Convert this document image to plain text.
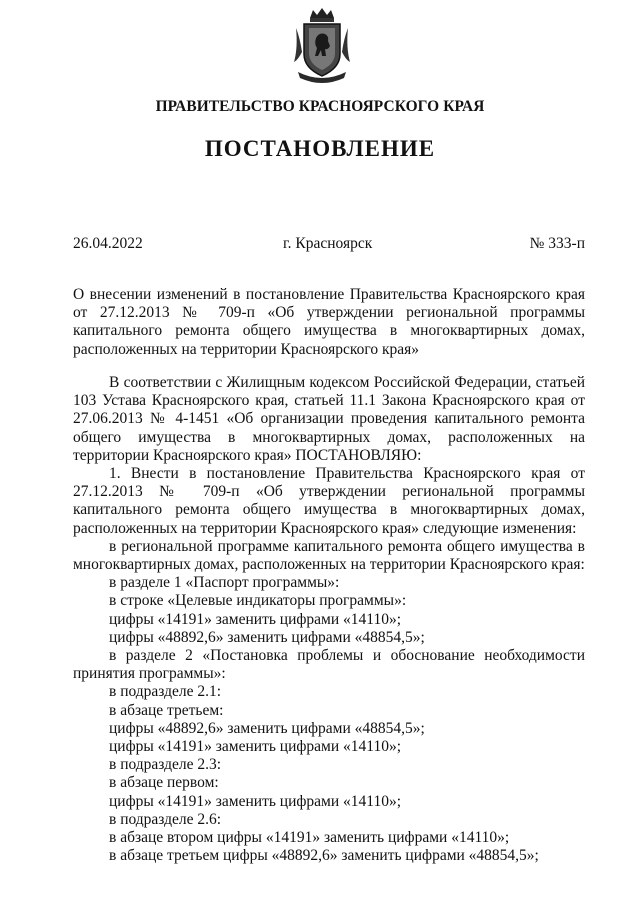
ПРАВИТЕЛЬСТВО КРАСНОЯРСКОГО КРАЯ
ПОСТАНОВЛЕНИЕ
26.04.2022	г. Красноярск	№ 333-п

О внесении изменений в постановление Правительства Красноярского края от 27.12.2013 № 709-п «Об утверждении региональной программы капитального ремонта общего имущества в многоквартирных домах, расположенных на территории Красноярского края»

В соответствии с Жилищным кодексом Российской Федерации, статьей 103 Устава Красноярского края, статьей 11.1 Закона Красноярского края от 27.06.2013 № 4-1451 «Об организации проведения капитального ремонта общего имущества в многоквартирных домах, расположенных на территории Красноярского края» ПОСТАНОВЛЯЮ:

1. Внести в постановление Правительства Красноярского края от 27.12.2013 № 709-п «Об утверждении региональной программы капитального ремонта общего имущества в многоквартирных домах, расположенных на территории Красноярского края» следующие изменения:

в региональной программе капитального ремонта общего имущества в многоквартирных домах, расположенных на территории Красноярского края:

в разделе 1 «Паспорт программы»:

в строке «Целевые индикаторы программы»:

цифры «14191» заменить цифрами «14110»;

цифры «48892,6» заменить цифрами «48854,5»;

в разделе 2 «Постановка проблемы и обоснование необходимости принятия программы»:

в подразделе 2.1:

в абзаце третьем:

цифры «48892,6» заменить цифрами «48854,5»;

цифры «14191» заменить цифрами «14110»;

в подразделе 2.3:

в абзаце первом:

цифры «14191» заменить цифрами «14110»;

в подразделе 2.6:

в абзаце втором цифры «14191» заменить цифрами «14110»;

в абзаце третьем цифры «48892,6» заменить цифрами «48854,5»;
